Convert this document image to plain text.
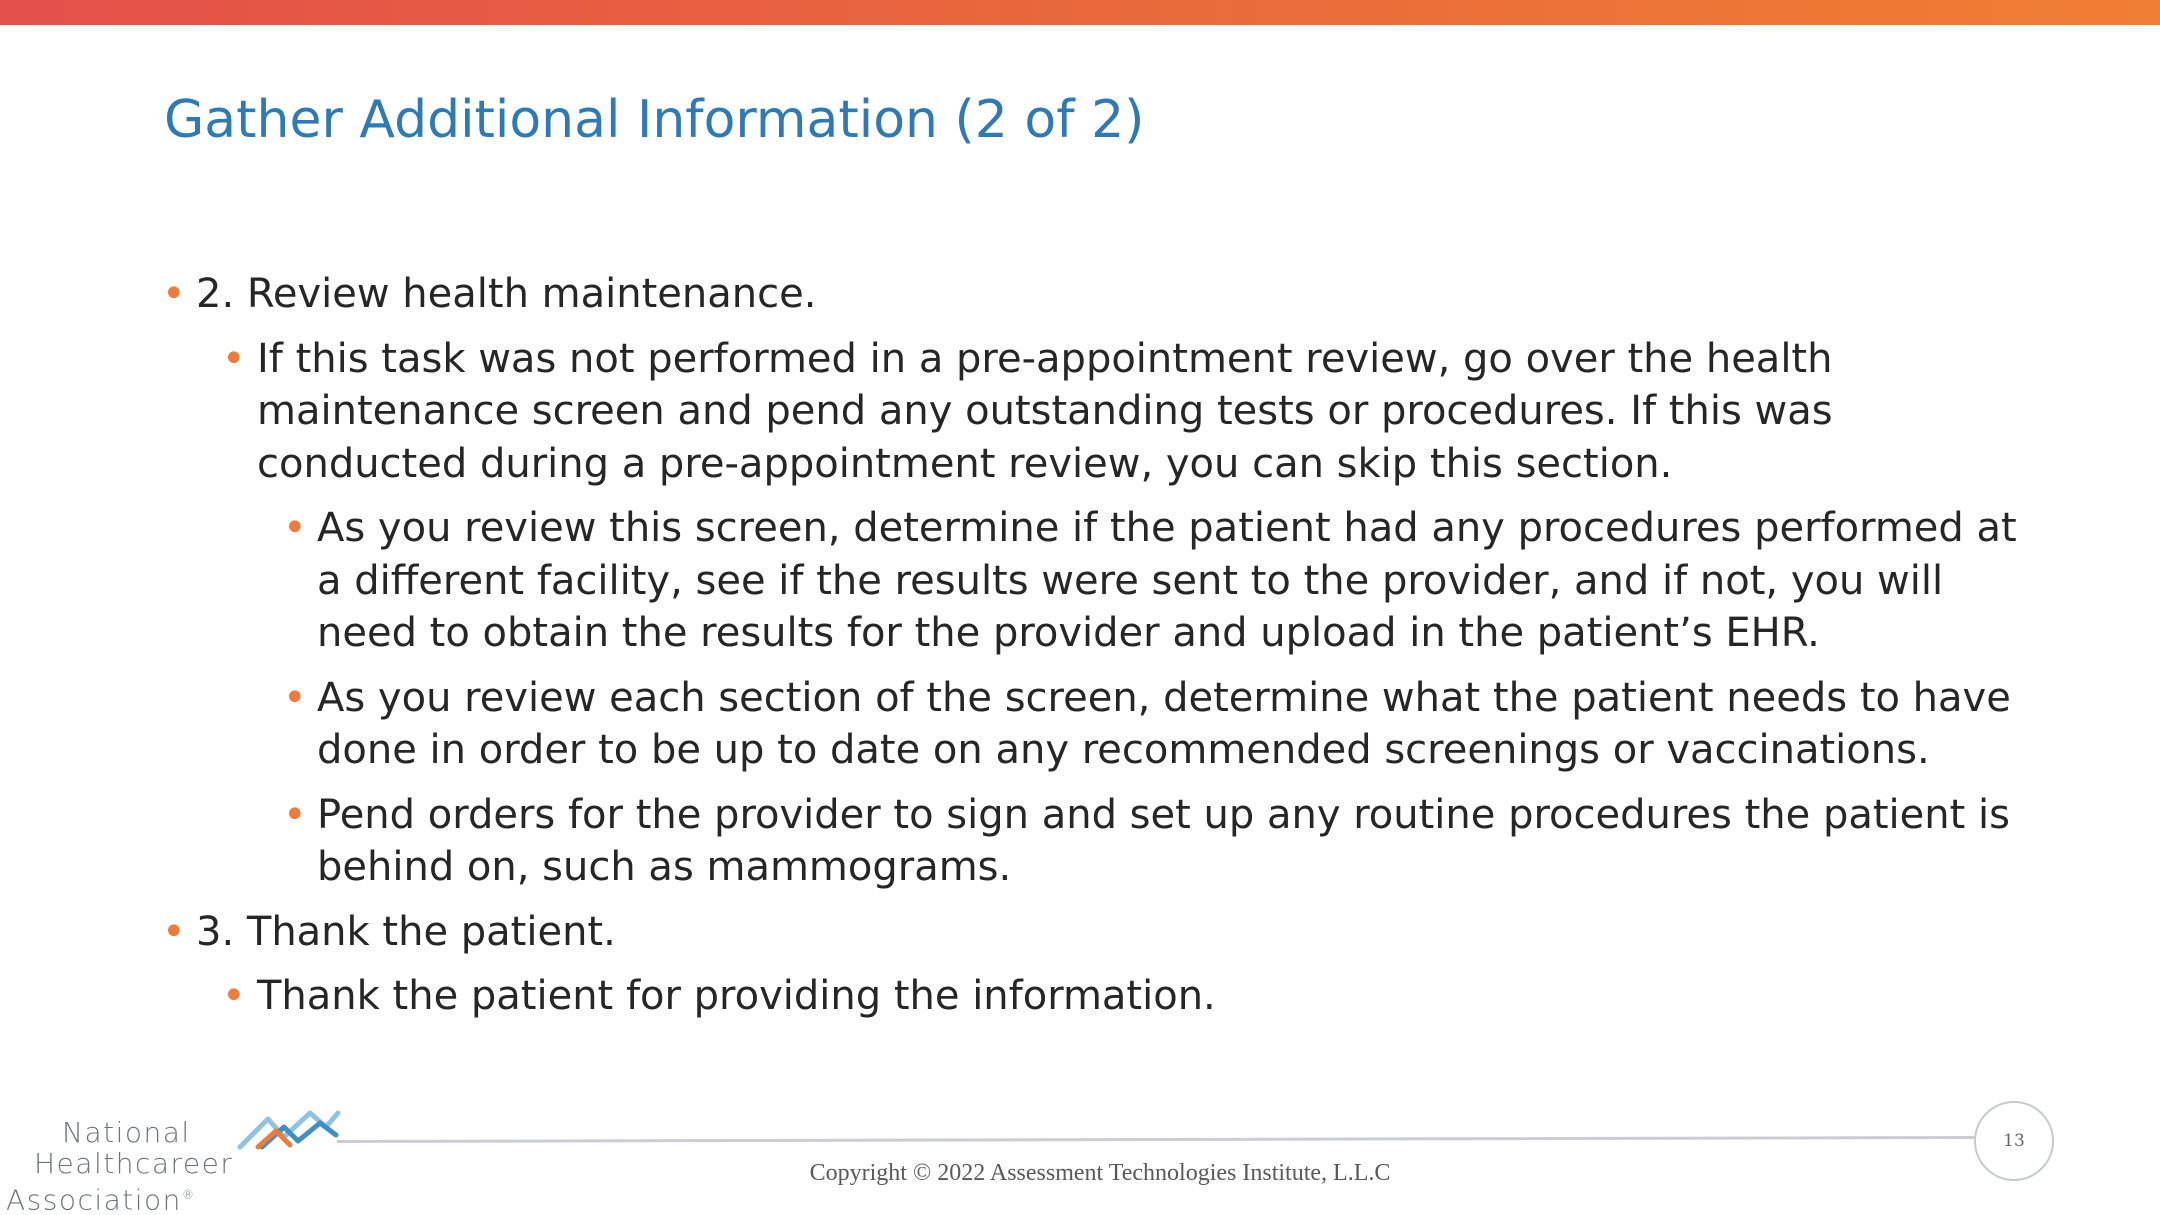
Gather Additional Information (2 of 2)
• 2. Review health maintenance.
• If this task was not performed in a pre-appointment review, go over the health maintenance screen and pend any outstanding tests or procedures. If this was conducted during a pre-appointment review, you can skip this section.
• As you review this screen, determine if the patient had any procedures performed at a different facility, see if the results were sent to the provider, and if not, you will need to obtain the results for the provider and upload in the patient’s EHR.
• As you review each section of the screen, determine what the patient needs to have done in order to be up to date on any recommended screenings or vaccinations.
• Pend orders for the provider to sign and set up any routine procedures the patient is behind on, such as mammograms.
• 3. Thank the patient.
• Thank the patient for providing the information.
National
Healthcareer
Association®
13
Copyright © 2022 Assessment Technologies Institute, L.L.C
